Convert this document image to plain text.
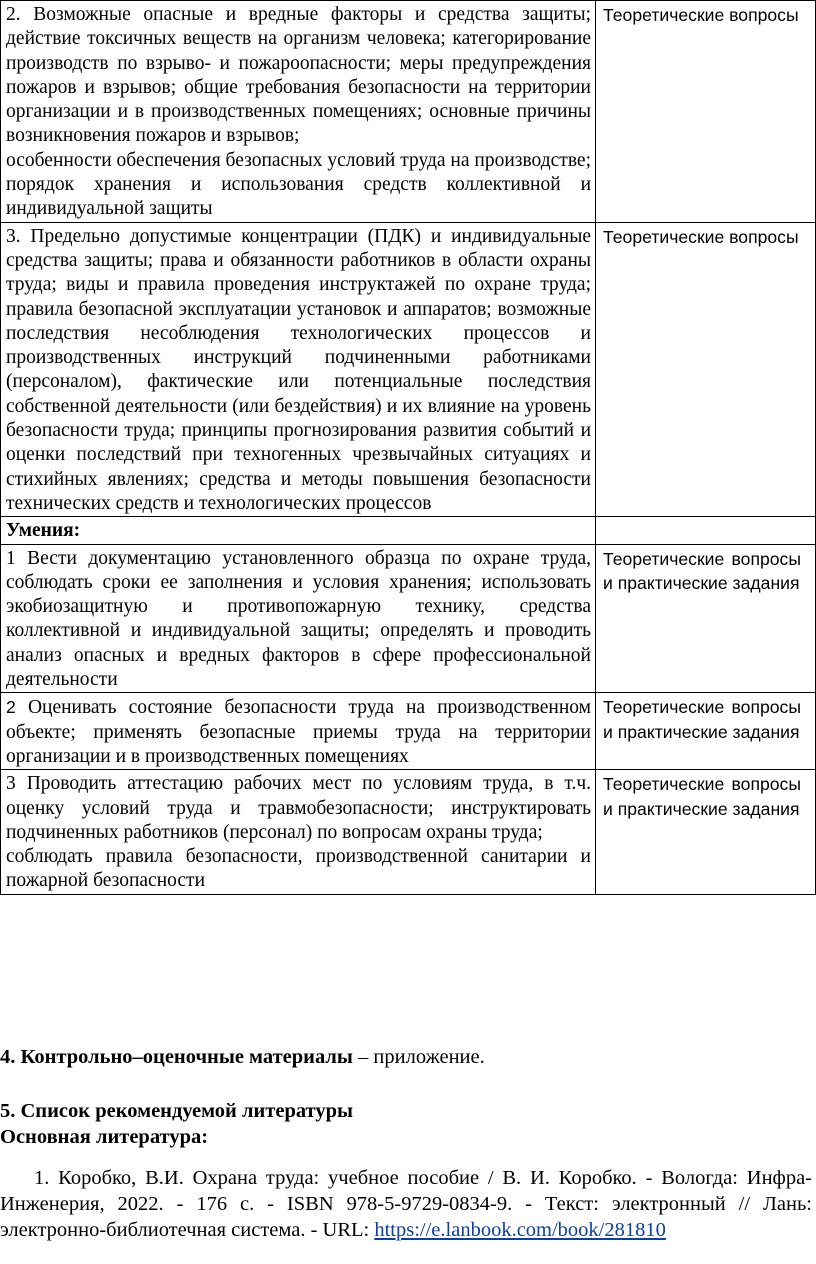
2. Возможные опасные и вредные факторы и средства защиты; действие токсичных веществ на организм человека; категорирование производств по взрыво- и пожароопасности; меры предупреждения пожаров и взрывов; общие требования безопасности на территории организации и в производственных помещениях; основные причины возникновения пожаров и взрывов;
особенности обеспечения безопасных условий труда на производстве;
порядок хранения и использования средств коллективной и индивидуальной защиты	Теоретические вопросы

3. Предельно допустимые концентрации (ПДК) и индивидуальные средства защиты; права и обязанности работников в области охраны труда; виды и правила проведения инструктажей по охране труда; правила безопасной эксплуатации установок и аппаратов; возможные последствия несоблюдения технологических процессов и производственных инструкций подчиненными работниками (персоналом), фактические или потенциальные последствия собственной деятельности (или бездействия) и их влияние на уровень безопасности труда; принципы прогнозирования развития событий и оценки последствий при техногенных чрезвычайных ситуациях и стихийных явлениях; средства и методы повышения безопасности технических средств и технологических процессов	Теоретические вопросы
Умения:	

1 Вести документацию установленного образца по охране труда, соблюдать сроки ее заполнения и условия хранения; использовать экобиозащитную и противопожарную технику, средства коллективной и индивидуальной защиты; определять и проводить анализ опасных и вредных факторов в сфере профессиональной деятельности	Теоретические вопросы и практические задания

2 Оценивать состояние безопасности труда на производственном объекте; применять безопасные приемы труда на территории организации и в производственных помещениях	Теоретические вопросы и практические задания

3 Проводить аттестацию рабочих мест по условиям труда, в т.ч. оценку условий труда и травмобезопасности; инструктировать подчиненных работников (персонал) по вопросам охраны труда;
соблюдать правила безопасности, производственной санитарии и пожарной безопасности	Теоретические вопросы и практические задания
4. Контрольно–оценочные материалы – приложение.
5. Список рекомендуемой литературы
Основная литература:
1. Коробко, В.И. Охрана труда: учебное пособие / В. И. Коробко. - Вологда: Инфра-Инженерия, 2022. - 176 с. - ISBN 978-5-9729-0834-9. - Текст: электронный // Лань: электронно-библиотечная система. - URL: https://e.lanbook.com/book/281810
